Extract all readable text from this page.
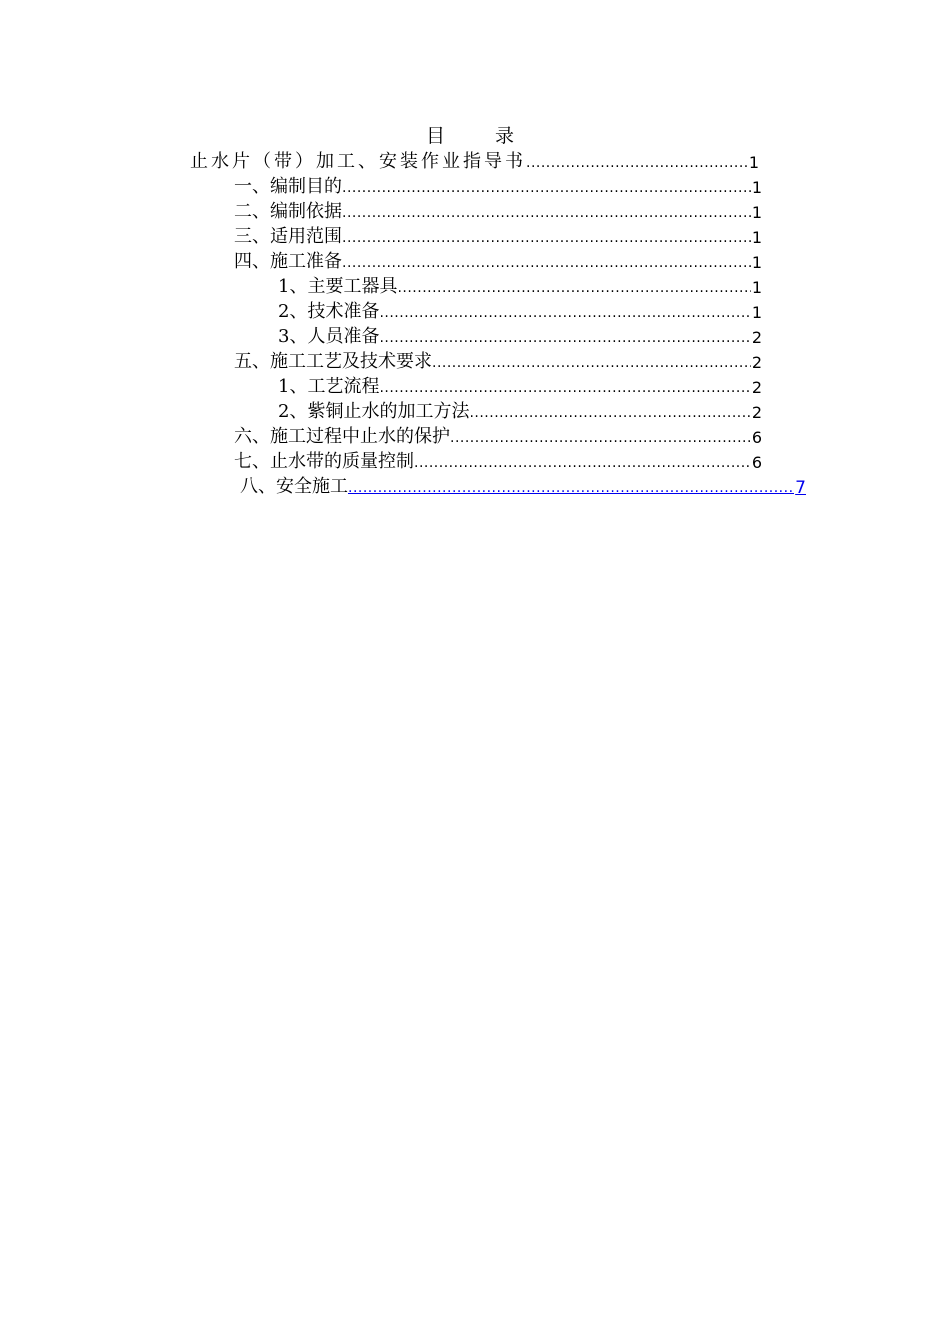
目录
止水片（带）加工、安装作业指导书 .....	1
一、编制目的 .....	1
二、编制依据 .....	1
三、适用范围 .....	1
四、施工准备 .....	1
1、主要工器具 .....	1
2、技术准备 .....	1
3、人员准备 .....	2
五、施工工艺及技术要求 .....	2
1、工艺流程 .....	2
2、紫铜止水的加工方法 .....	2
六、施工过程中止水的保护 .....	6
七、止水带的质量控制 .....	6
八、安全施工 .....	7
